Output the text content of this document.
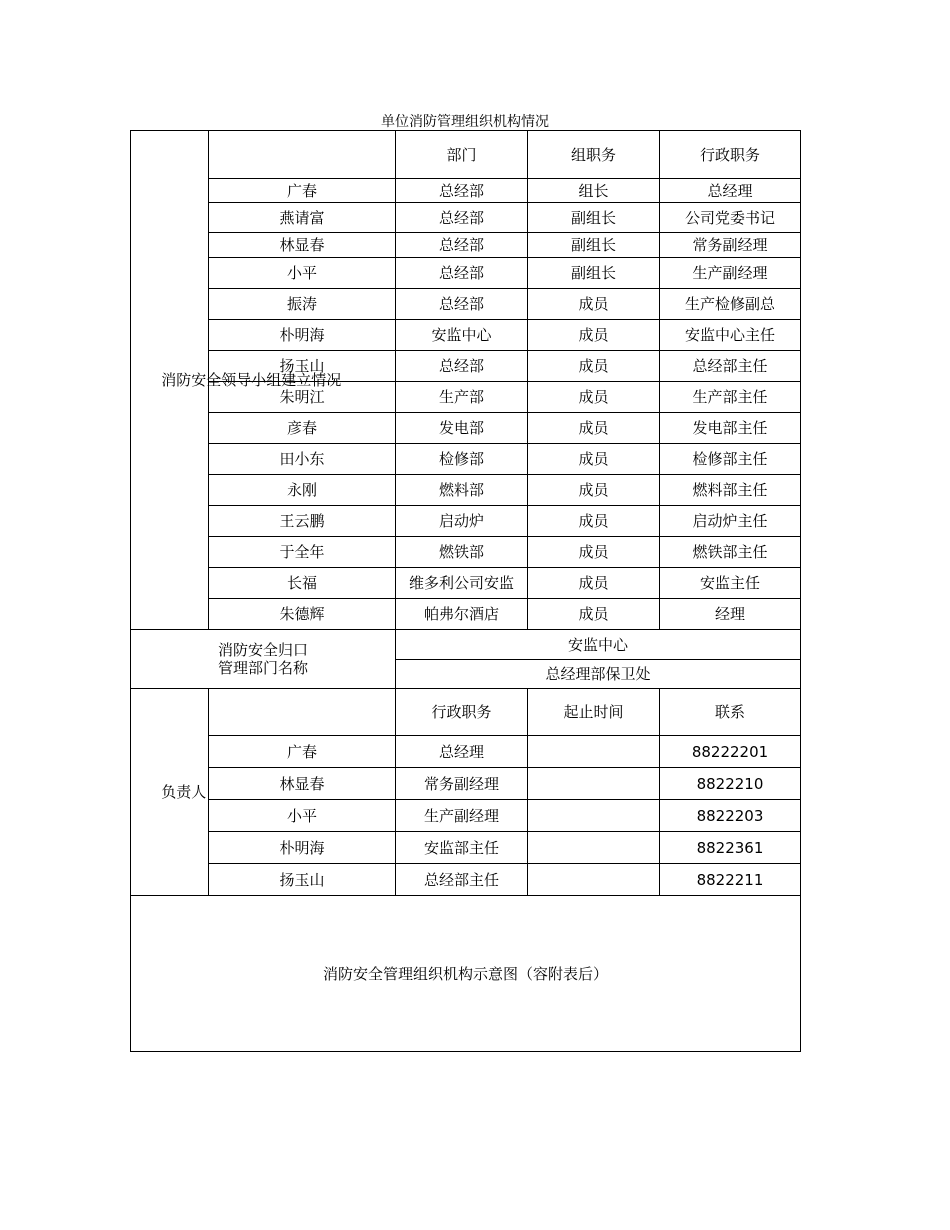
单位消防管理组织机构情况
消防安全领导小组建立情况		部门	组职务	行政职务
	广春	总经部	组长	总经理
	燕请富	总经部	副组长	公司党委书记
	林显春	总经部	副组长	常务副经理
	小平	总经部	副组长	生产副经理
	振涛	总经部	成员	生产检修副总
	朴明海	安监中心	成员	安监中心主任
	扬玉山	总经部	成员	总经部主任
	朱明江	生产部	成员	生产部主任
	彦春	发电部	成员	发电部主任
	田小东	检修部	成员	检修部主任
	永刚	燃料部	成员	燃料部主任
	王云鹏	启动炉	成员	启动炉主任
	于全年	燃铁部	成员	燃铁部主任
	长福	维多利公司安监	成员	安监主任
	朱德辉	帕弗尔酒店	成员	经理

消防安全归口
管理部门名称		安监中心		
		总经理部保卫处		
负责人		行政职务	起止时间	联系
	广春	总经理		88222201
	林显春	常务副经理		8822210
	小平	生产副经理		8822203
	朴明海	安监部主任		8822361
	扬玉山	总经部主任		8822211
消防安全管理组织机构示意图（容附表后）				
